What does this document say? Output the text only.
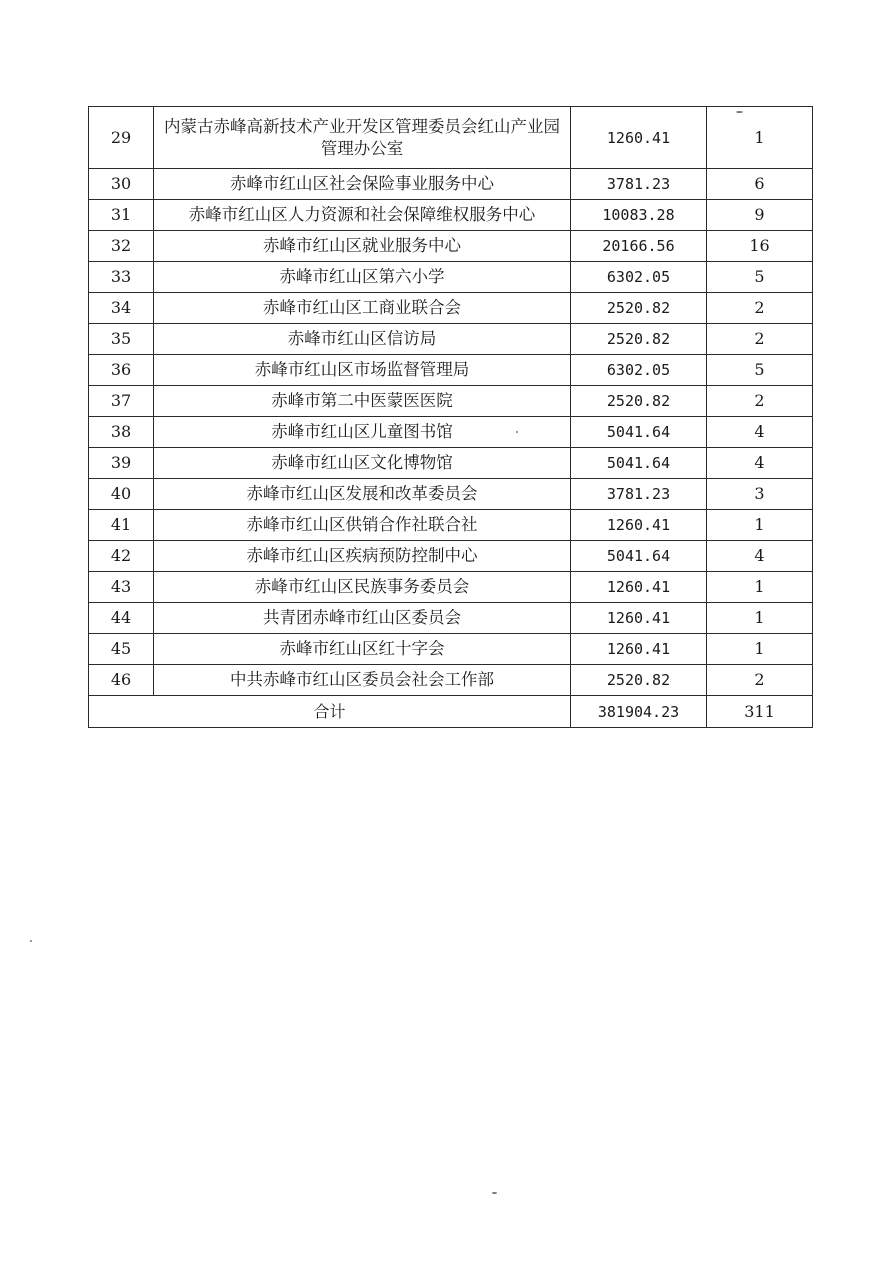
29	内蒙古赤峰高新技术产业开发区管理委员会红山产业园管理办公室	1260.41	1
30	赤峰市红山区社会保险事业服务中心	3781.23	6
31	赤峰市红山区人力资源和社会保障维权服务中心	10083.28	9
32	赤峰市红山区就业服务中心	20166.56	16
33	赤峰市红山区第六小学	6302.05	5
34	赤峰市红山区工商业联合会	2520.82	2
35	赤峰市红山区信访局	2520.82	2
36	赤峰市红山区市场监督管理局	6302.05	5
37	赤峰市第二中医蒙医医院	2520.82	2
38	赤峰市红山区儿童图书馆	5041.64	4
39	赤峰市红山区文化博物馆	5041.64	4
40	赤峰市红山区发展和改革委员会	3781.23	3
41	赤峰市红山区供销合作社联合社	1260.41	1
42	赤峰市红山区疾病预防控制中心	5041.64	4
43	赤峰市红山区民族事务委员会	1260.41	1
44	共青团赤峰市红山区委员会	1260.41	1
45	赤峰市红山区红十字会	1260.41	1
46	中共赤峰市红山区委员会社会工作部	2520.82	2
合计		381904.23	311
